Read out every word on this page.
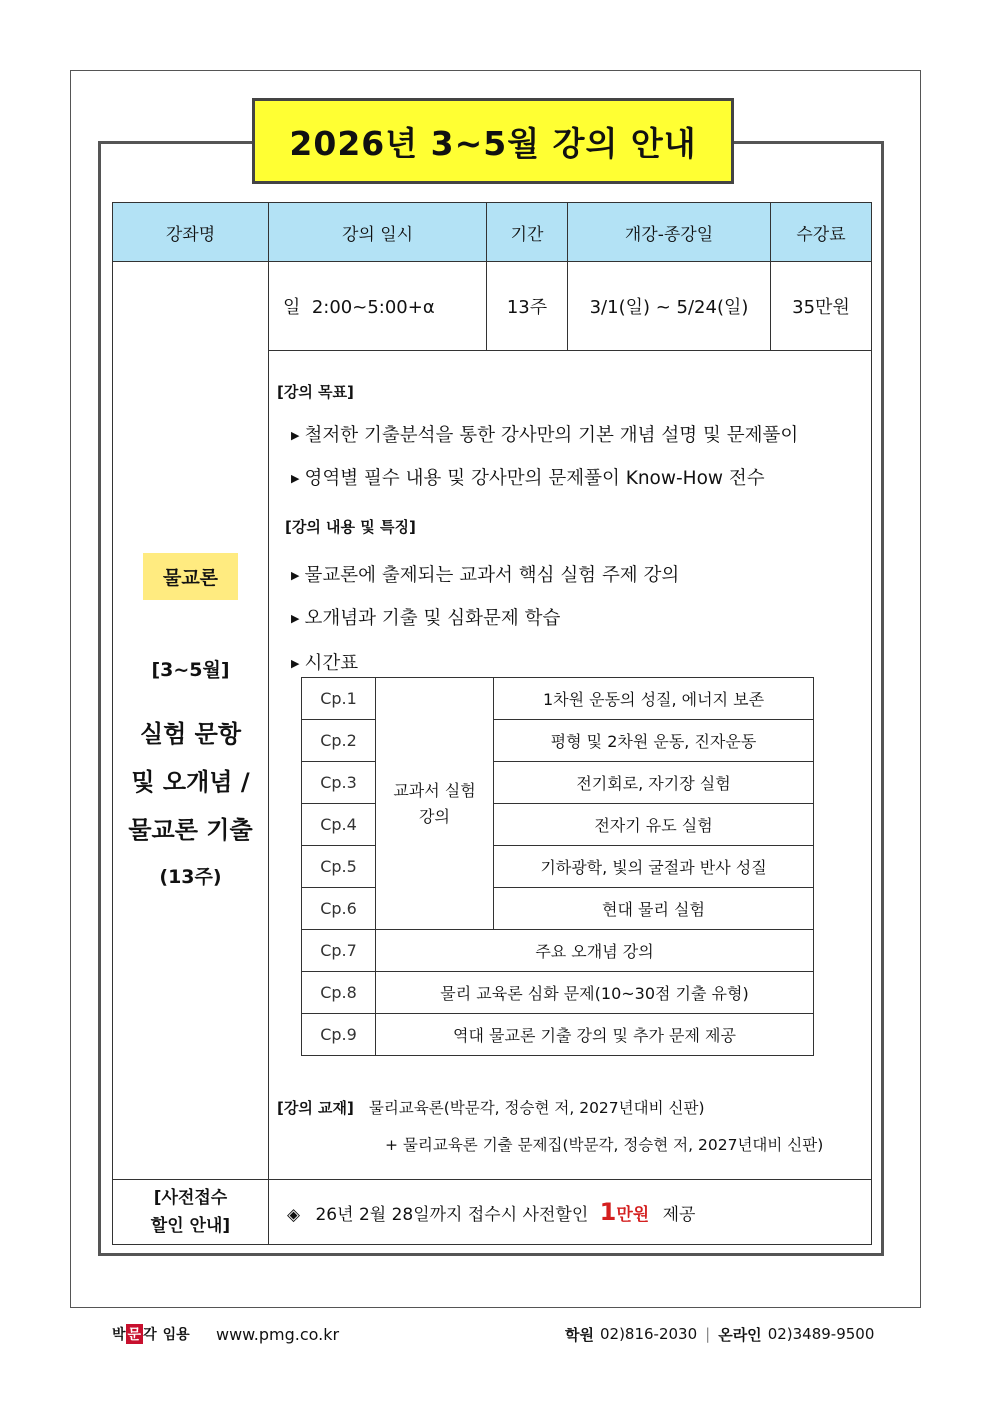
2026년 3~5월 강의 안내
강좌명	강의 일시	기간	개강-종강일	수강료
물교론
[3~5월]
실험 문항
및 오개념 /
물교론 기출
(13주)
	일  2:00~5:00+α	13주	3/1(일) ~ 5/24(일)	35만원

[강의 목표]
▶ 철저한 기출분석을 통한 강사만의 기본 개념 설명 및 문제풀이
▶ 영역별 필수 내용 및 강사만의 문제풀이 Know-How 전수
[강의 내용 및 특징]
▶ 물교론에 출제되는 교과서 핵심 실험 주제 강의
▶ 오개념과 기출 및 심화문제 학습
▶ 시간표
Cp.1	교과서 실험 강의	1차원 운동의 성질, 에너지 보존
Cp.2	평형 및 2차원 운동, 진자운동
Cp.3	전기회로, 자기장 실험
Cp.4	전자기 유도 실험
Cp.5	기하광학, 빛의 굴절과 반사 성질
Cp.6	현대 물리 실험
Cp.7	주요 오개념 강의
Cp.8	물리 교육론 심화 문제(10~30점 기출 유형)
Cp.9	역대 물교론 기출 강의 및 추가 문제 제공
[강의 교재] 물리교육론(박문각, 정승현 저, 2027년대비 신판)
+ 물리교육론 기출 문제집(박문각, 정승현 저, 2027년대비 신판)

[사전접수
할인 안내]
	◈ 26년 2월 28일까지 접수시 사전할인 1만원 제공
박 문 각 임용 www.pmg.co.kr	학원 02)816-2030 | 온라인 02)3489-9500
